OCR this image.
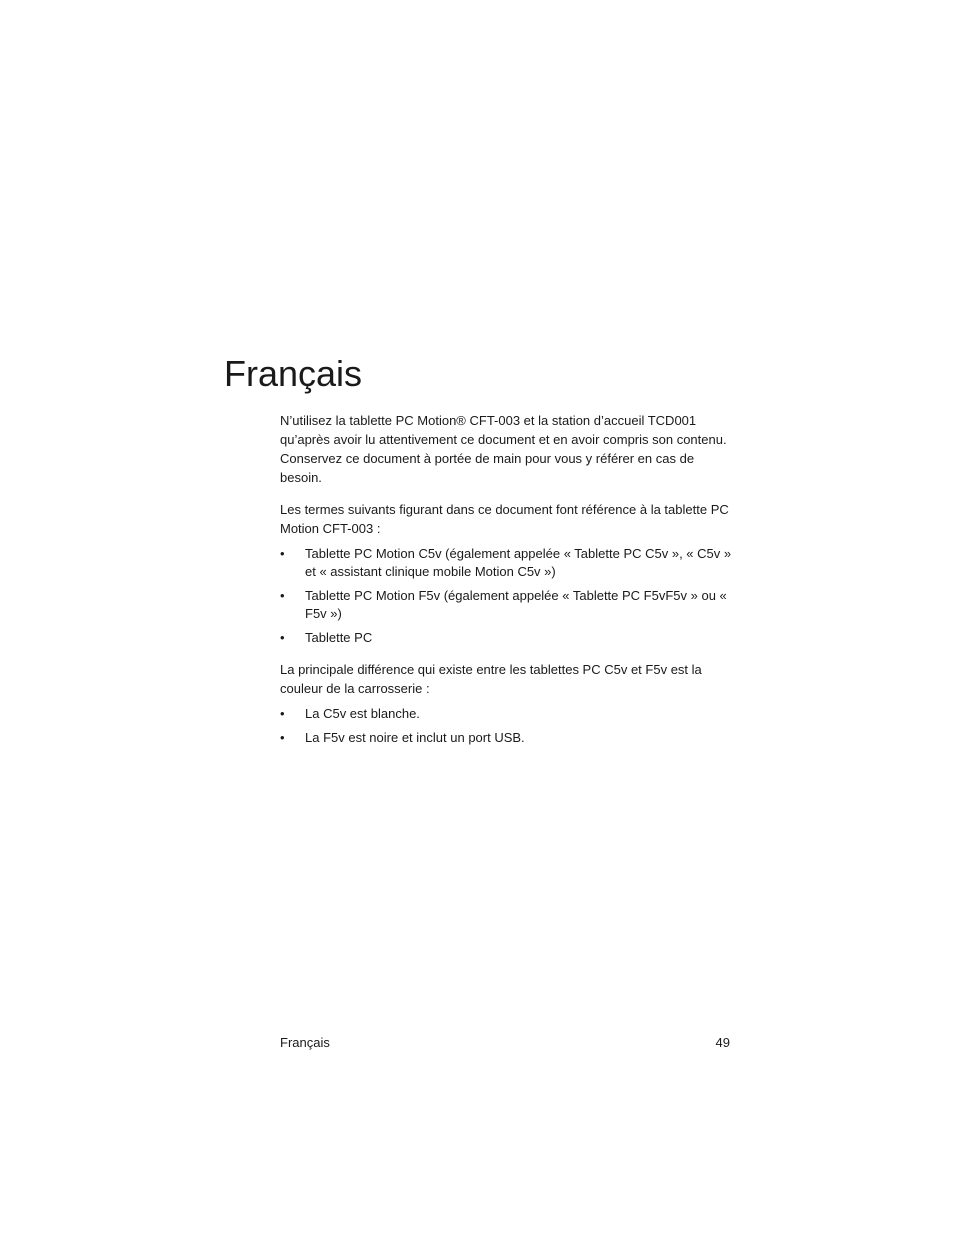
Français

N’utilisez la tablette PC Motion® CFT-003 et la station d’accueil TCD001 qu’après avoir lu attentivement ce document et en avoir compris son contenu. Conservez ce document à portée de main pour vous y référer en cas de besoin.

Les termes suivants figurant dans ce document font référence à la tablette PC Motion CFT-003 :

•	Tablette PC Motion C5v (également appelée « Tablette PC C5v », « C5v » et « assistant clinique mobile Motion C5v »)
•	Tablette PC Motion F5v (également appelée « Tablette PC F5vF5v » ou « F5v »)
•	Tablette PC

La principale différence qui existe entre les tablettes PC C5v et F5v est la couleur de la carrosserie :

•	La C5v est blanche.
•	La F5v est noire et inclut un port USB.
Français	49
